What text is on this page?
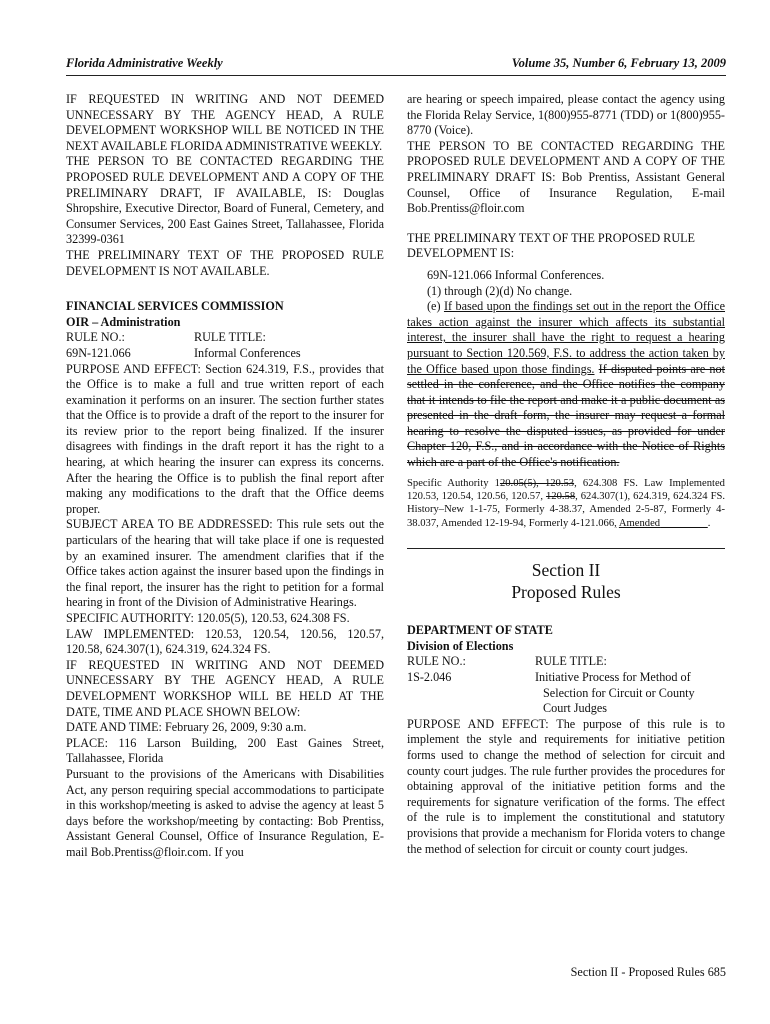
Florida Administrative Weekly	Volume 35, Number 6, February 13, 2009

IF REQUESTED IN WRITING AND NOT DEEMED UNNECESSARY BY THE AGENCY HEAD, A RULE DEVELOPMENT WORKSHOP WILL BE NOTICED IN THE NEXT AVAILABLE FLORIDA ADMINISTRATIVE WEEKLY.

THE PERSON TO BE CONTACTED REGARDING THE PROPOSED RULE DEVELOPMENT AND A COPY OF THE PRELIMINARY DRAFT, IF AVAILABLE, IS: Douglas Shropshire, Executive Director, Board of Funeral, Cemetery, and Consumer Services, 200 East Gaines Street, Tallahassee, Florida 32399-0361

THE PRELIMINARY TEXT OF THE PROPOSED RULE DEVELOPMENT IS NOT AVAILABLE.

FINANCIAL SERVICES COMMISSION

OIR – Administration

RULE NO.:	RULE TITLE:
69N-121.066	Informal Conferences

PURPOSE AND EFFECT: Section 624.319, F.S., provides that the Office is to make a full and true written report of each examination it performs on an insurer. The section further states that the Office is to provide a draft of the report to the insurer for its review prior to the report being finalized. If the insurer disagrees with findings in the draft report it has the right to a hearing, at which hearing the insurer can express its concerns. After the hearing the Office is to publish the final report after making any modifications to the draft that the Office deems proper.

SUBJECT AREA TO BE ADDRESSED: This rule sets out the particulars of the hearing that will take place if one is requested by an examined insurer. The amendment clarifies that if the Office takes action against the insurer based upon the findings in the final report, the insurer has the right to petition for a formal hearing in front of the Division of Administrative Hearings.

SPECIFIC AUTHORITY: 120.05(5), 120.53, 624.308 FS.

LAW IMPLEMENTED: 120.53, 120.54, 120.56, 120.57, 120.58, 624.307(1), 624.319, 624.324 FS.

IF REQUESTED IN WRITING AND NOT DEEMED UNNECESSARY BY THE AGENCY HEAD, A RULE DEVELOPMENT WORKSHOP WILL BE HELD AT THE DATE, TIME AND PLACE SHOWN BELOW:

DATE AND TIME: February 26, 2009, 9:30 a.m.

PLACE: 116 Larson Building, 200 East Gaines Street, Tallahassee, Florida

Pursuant to the provisions of the Americans with Disabilities Act, any person requiring special accommodations to participate in this workshop/meeting is asked to advise the agency at least 5 days before the workshop/meeting by contacting: Bob Prentiss, Assistant General Counsel, Office of Insurance Regulation, E-mail Bob.Prentiss@floir.com. If you

are hearing or speech impaired, please contact the agency using the Florida Relay Service, 1(800)955-8771 (TDD) or 1(800)955-8770 (Voice).

THE PERSON TO BE CONTACTED REGARDING THE PROPOSED RULE DEVELOPMENT AND A COPY OF THE PRELIMINARY DRAFT IS: Bob Prentiss, Assistant General Counsel, Office of Insurance Regulation, E-mail Bob.Prentiss@floir.com

THE PRELIMINARY TEXT OF THE PROPOSED RULE DEVELOPMENT IS:

69N-121.066 Informal Conferences.

(1) through (2)(d) No change.

(e) If based upon the findings set out in the report the Office takes action against the insurer which affects its substantial interest, the insurer shall have the right to request a hearing pursuant to Section 120.569, F.S. to address the action taken by the Office based upon those findings. If disputed points are not settled in the conference, and the Office notifies the company that it intends to file the report and make it a public document as presented in the draft form, the insurer may request a formal hearing to resolve the disputed issues, as provided for under Chapter 120, F.S., and in accordance with the Notice of Rights which are a part of the Office's notification.

Specific Authority 120.05(5), 120.53, 624.308 FS. Law Implemented 120.53, 120.54, 120.56, 120.57, 120.58, 624.307(1), 624.319, 624.324 FS. History–New 1-1-75, Formerly 4-38.37, Amended 2-5-87, Formerly 4-38.037, Amended 12-19-94, Formerly 4-121.066, Amended	.

Section II
Proposed Rules

DEPARTMENT OF STATE

Division of Elections

RULE NO.:	RULE TITLE:
1S-2.046	Initiative Process for Method of
Selection for Circuit or County
Court Judges

PURPOSE AND EFFECT: The purpose of this rule is to implement the style and requirements for initiative petition forms used to change the method of selection for circuit and county court judges. The rule further provides the procedures for obtaining approval of the initiative petition forms and the requirements for signature verification of the forms. The effect of the rule is to implement the constitutional and statutory provisions that provide a mechanism for Florida voters to change the method of selection for circuit or county court judges.

Section II - Proposed Rules 685
